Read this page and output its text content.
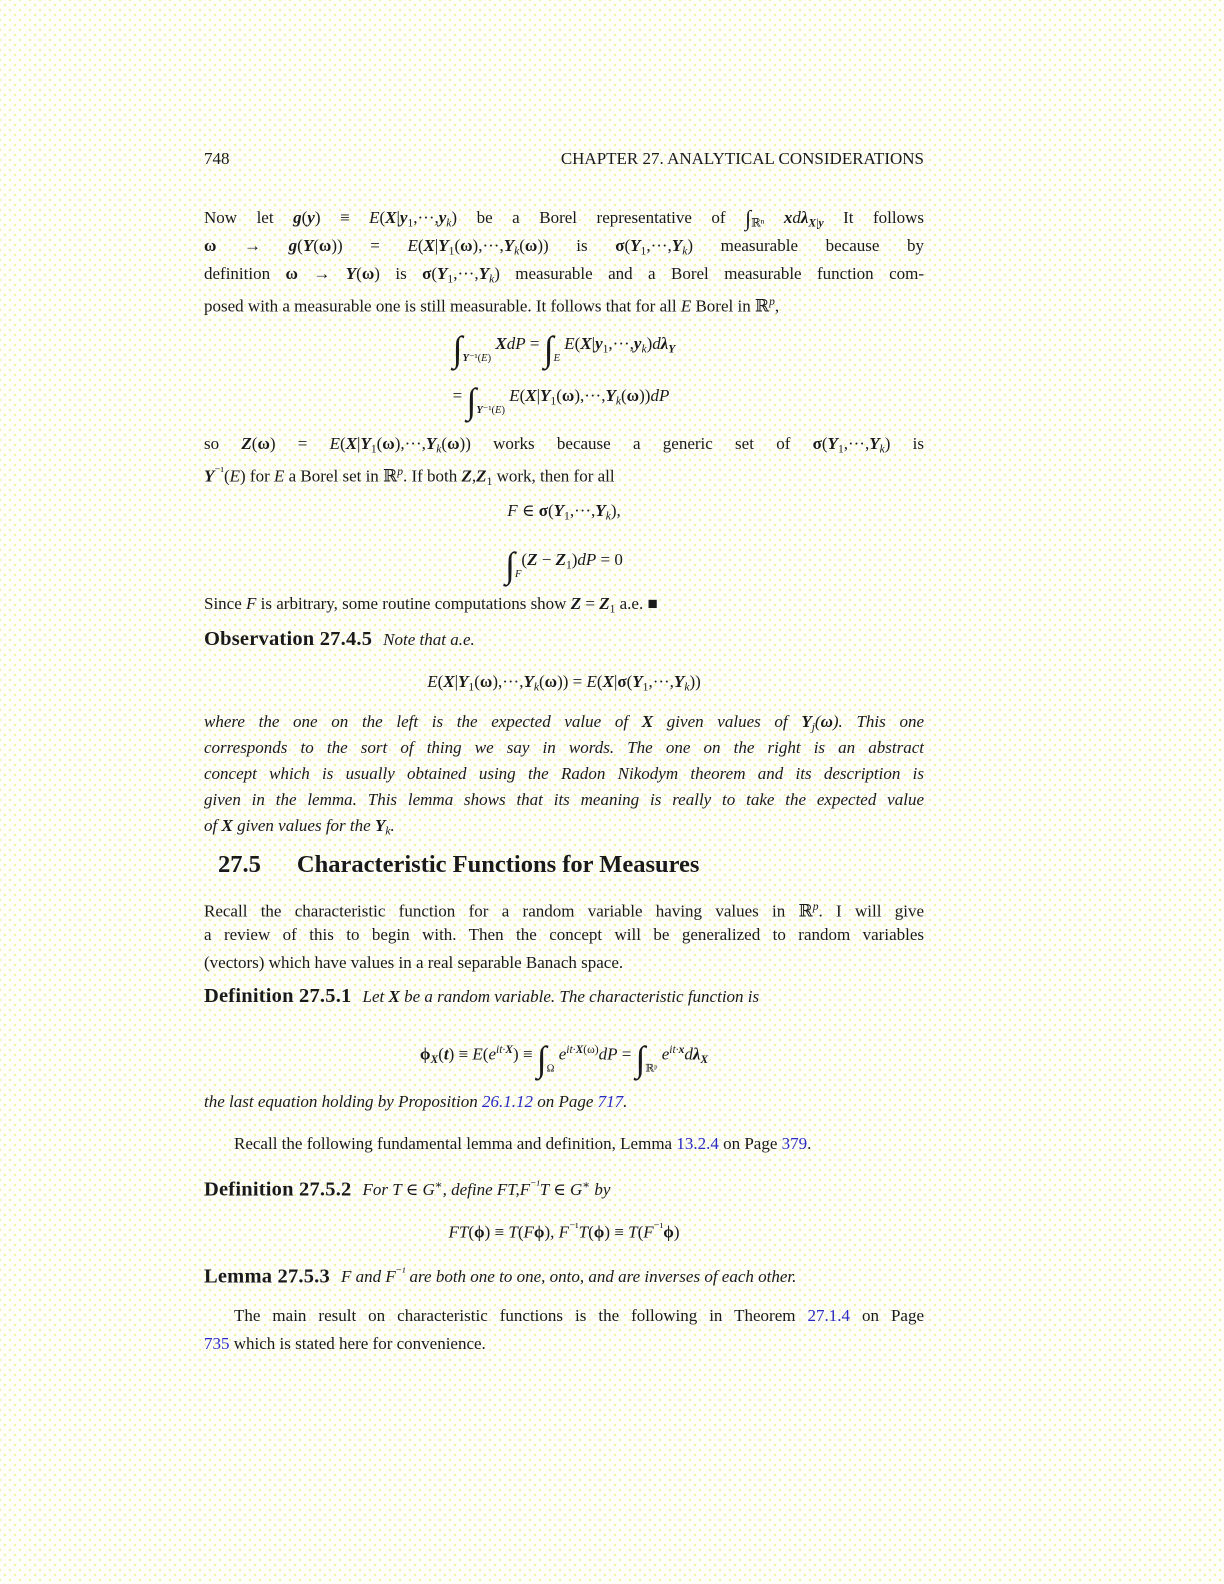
748	CHAPTER 27. ANALYTICAL CONSIDERATIONS
Now let $g(y) \equiv E(X|y_1,\cdot\cdot\cdot,y_k)$ be a Borel representative of $\int_{ℝ^n}$ xdλ$_{X|y}$ It follows
$\omega \to g(Y(\omega)) = E(X|Y_1(\omega),\cdot\cdot\cdot,Y_k(\omega))$ is $\sigma(Y_1,\cdot\cdot\cdot,Y_k)$ measurable because by
definition ω → Y(ω) is $\sigma(Y_1,\cdot\cdot\cdot,Y_k)$ measurable and a Borel measurable function com-
posed with a measurable one is still measurable. It follows that for all E Borel in ℝ$^p$,
$\int_{Y^{-1}(E)}$ XdP = $\int_E$ $E(X|y_1,\cdot\cdot\cdot,y_k)d\lambda_Y$
= $\int_{Y^{-1}(E)}$ $E(X|Y_1(\omega),\cdot\cdot\cdot,Y_k(\omega))dP$
so $Z(\omega) = E(X|Y_1(\omega),\cdot\cdot\cdot,Y_k(\omega))$ works because a generic set of $\sigma(Y_1,\cdot\cdot\cdot,Y_k)$ is
$Y^{^{-1}}(E)$ for E a Borel set in ℝ$^p$. If both $Z,Z_1$ work, then for all
F ∈ $\sigma(Y_1,\cdot\cdot\cdot,Y_k)$,
$\int_F(Z - Z_1)dP = 0$
Since F is arbitrary, some routine computations show $Z = Z_1$ a.e. ■
Observation 27.4.5 Note that a.e.
$E(X|Y_1(\omega),\cdot\cdot\cdot,Y_k(\omega)) = E(X|\sigma(Y_1,\cdot\cdot\cdot,Y_k))$
where the one on the left is the expected value of X given values of $Y_j(\omega)$. This one
corresponds to the sort of thing we say in words. The one on the right is an abstract
concept which is usually obtained using the Radon Nikodym theorem and its description is
given in the lemma. This lemma shows that its meaning is really to take the expected value
of X given values for the $Y_k$.
27.5 Characteristic Functions for Measures
Recall the characteristic function for a random variable having values in ℝ$^p$. I will give
a review of this to begin with. Then the concept will be generalized to random variables
(vectors) which have values in a real separable Banach space.
Definition 27.5.1 Let X be a random variable. The characteristic function is
$\phi_X(t) \equiv E(e^{it\cdot X}) \equiv \int_\Omega$ $e^{it\cdot X(\omega)}dP = \int_{ℝᵖ}$ $e^{it\cdot x}d\lambda_X$
the last equation holding by Proposition 26.1.12 on Page 717.
Recall the following fundamental lemma and definition, Lemma 13.2.4 on Page 379.
Definition 27.5.2 For T ∈ G∗, define $FT,F^{^{-1}}T$ ∈ G∗ by
FT(ϕ) ≡ T(Fϕ), $F^{^{-1}}T(\phi) \equiv T(F^{^{-1}}\phi)$
Lemma 27.5.3 F and $F^{^{-1}}$ are both one to one, onto, and are inverses of each other.
The main result on characteristic functions is the following in Theorem 27.1.4 on Page
735 which is stated here for convenience.
